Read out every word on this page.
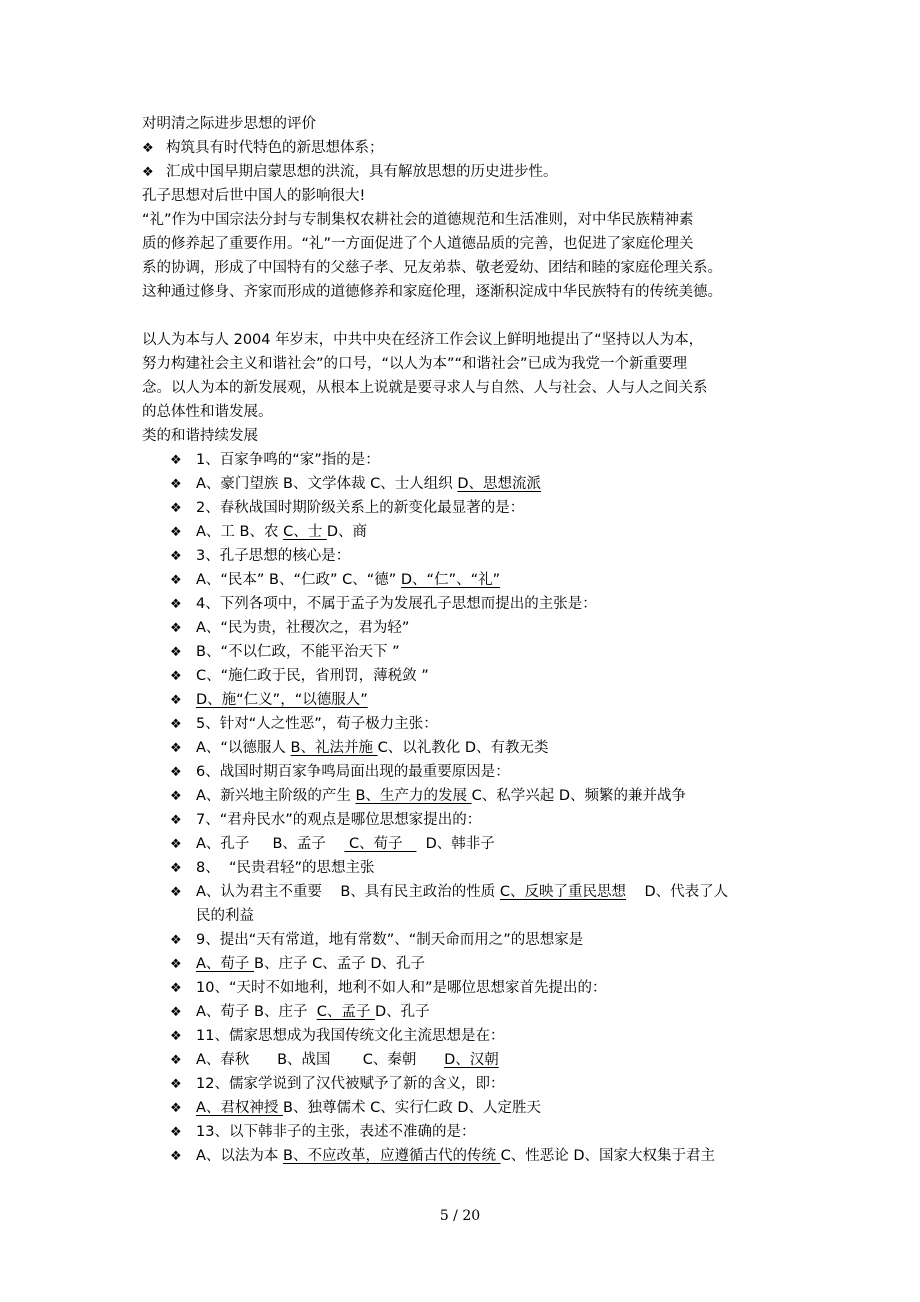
对明清之际进步思想的评价
❖ 构筑具有时代特色的新思想体系；
❖ 汇成中国早期启蒙思想的洪流，具有解放思想的历史进步性。
孔子思想对后世中国人的影响很大!
“礼”作为中国宗法分封与专制集权农耕社会的道德规范和生活准则，对中华民族精神素
质的修养起了重要作用。“礼”一方面促进了个人道德品质的完善，也促进了家庭伦理关
系的协调，形成了中国特有的父慈子孝、兄友弟恭、敬老爱幼、团结和睦的家庭伦理关系。
这种通过修身、齐家而形成的道德修养和家庭伦理，逐渐积淀成中华民族特有的传统美德。
以人为本与人 2004 年岁末，中共中央在经济工作会议上鲜明地提出了“坚持以人为本，
努力构建社会主义和谐社会”的口号，“以人为本”“和谐社会”已成为我党一个新重要理
念。以人为本的新发展观，从根本上说就是要寻求人与自然、人与社会、人与人之间关系
的总体性和谐发展。
类的和谐持续发展
❖ 1、百家争鸣的“家”指的是：
❖ A、豪门望族 B、文学体裁 C、士人组织 D、思想流派
❖ 2、春秋战国时期阶级关系上的新变化最显著的是：
❖ A、工 B、农 C、士 D、商
❖ 3、孔子思想的核心是：
❖ A、“民本” B、“仁政” C、“德” D、“仁”、“礼”
❖ 4、下列各项中，不属于孟子为发展孔子思想而提出的主张是：
❖ A、“民为贵，社稷次之，君为轻”
❖ B、“不以仁政，不能平治天下 ”
❖ C、“施仁政于民，省刑罚，薄税敛 ”
❖ D、施“仁义”，“以德服人”
❖ 5、针对“人之性恶”，荀子极力主张：
❖ A、“以德服人 B、礼法并施 C、以礼教化 D、有教无类
❖ 6、战国时期百家争鸣局面出现的最重要原因是：
❖ A、新兴地主阶级的产生 B、生产力的发展 C、私学兴起 D、频繁的兼并战争
❖ 7、“君舟民水”的观点是哪位思想家提出的：
❖ A、孔子     B、孟子     C、荀子     D、韩非子
❖ 8、  “民贵君轻”的思想主张
❖ A、认为君主不重要    B、具有民主政治的性质 C、反映了重民思想    D、代表了人
民的利益
❖ 9、提出“天有常道，地有常数”、“制天命而用之”的思想家是
❖ A、荀子 B、庄子 C、孟子 D、孔子
❖ 10、“天时不如地利，地利不如人和”是哪位思想家首先提出的：
❖ A、荀子 B、庄子  C、孟子 D、孔子
❖ 11、儒家思想成为我国传统文化主流思想是在：
❖ A、春秋      B、战国       C、秦朝      D、汉朝
❖ 12、儒家学说到了汉代被赋予了新的含义，即：
❖ A、君权神授 B、独尊儒术 C、实行仁政 D、人定胜天
❖ 13、以下韩非子的主张，表述不准确的是：
❖ A、以法为本 B、不应改革，应遵循古代的传统 C、性恶论 D、国家大权集于君主
5 / 20
